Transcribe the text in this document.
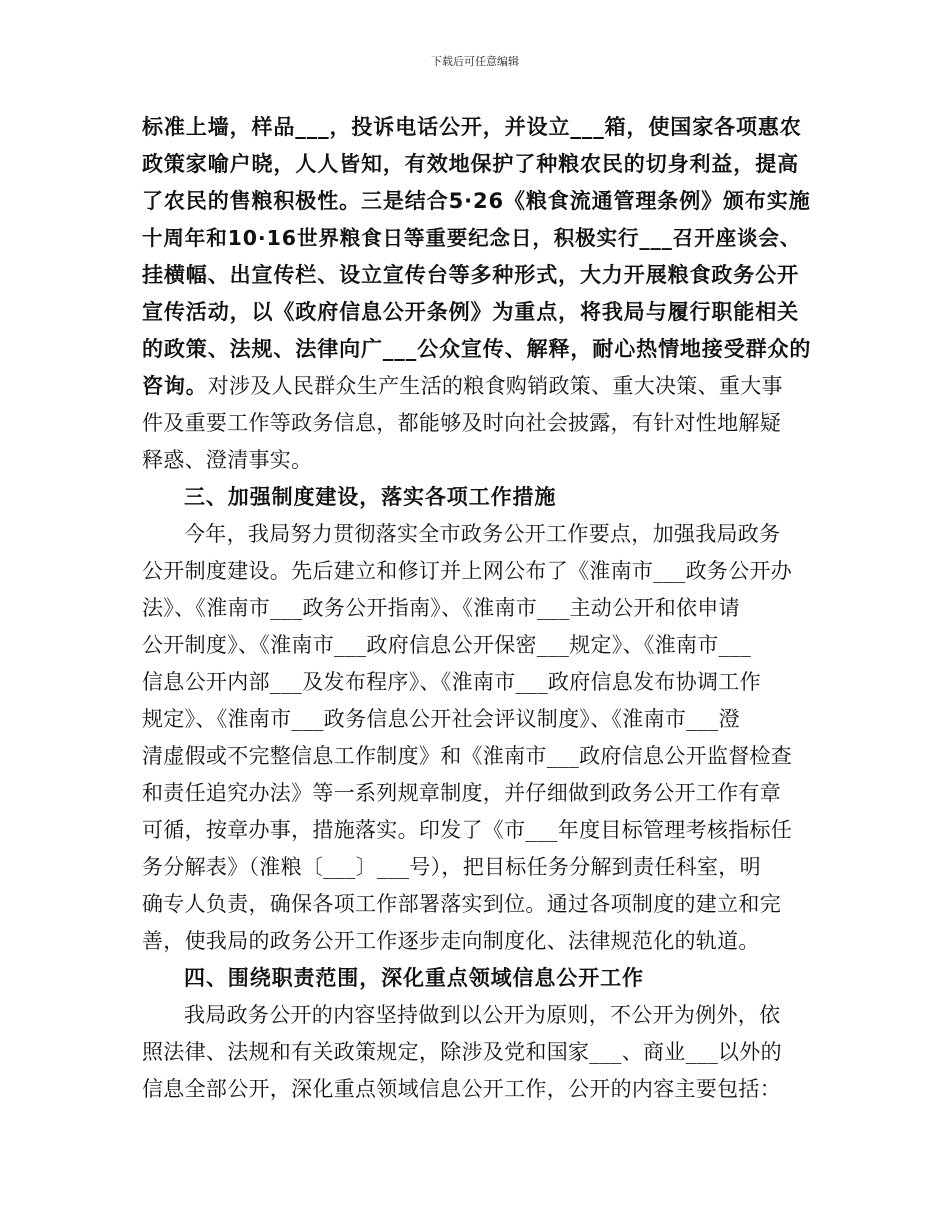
下载后可任意编辑
标准上墙，样品___，投诉电话公开，并设立___箱，使国家各项惠农
政策家喻户晓，人人皆知，有效地保护了种粮农民的切身利益，提高
了农民的售粮积极性。三是结合5·26《粮食流通管理条例》颁布实施
十周年和10·16世界粮食日等重要纪念日，积极实行___召开座谈会、
挂横幅、出宣传栏、设立宣传台等多种形式，大力开展粮食政务公开
宣传活动，以《政府信息公开条例》为重点，将我局与履行职能相关
的政策、法规、法律向广___公众宣传、解释，耐心热情地接受群众的
咨询。对涉及人民群众生产生活的粮食购销政策、重大决策、重大事
件及重要工作等政务信息，都能够及时向社会披露，有针对性地解疑
释惑、澄清事实。
三、加强制度建设，落实各项工作措施
今年，我局努力贯彻落实全市政务公开工作要点，加强我局政务
公开制度建设。先后建立和修订并上网公布了《淮南市___政务公开办
法》、《淮南市___政务公开指南》、《淮南市___主动公开和依申请
公开制度》、《淮南市___政府信息公开保密___规定》、《淮南市___
信息公开内部___及发布程序》、《淮南市___政府信息发布协调工作
规定》、《淮南市___政务信息公开社会评议制度》、《淮南市___澄
清虚假或不完整信息工作制度》和《淮南市___政府信息公开监督检查
和责任追究办法》等一系列规章制度，并仔细做到政务公开工作有章
可循，按章办事，措施落实。印发了《市___年度目标管理考核指标任
务分解表》（淮粮〔___〕___号），把目标任务分解到责任科室，明
确专人负责，确保各项工作部署落实到位。通过各项制度的建立和完
善，使我局的政务公开工作逐步走向制度化、法律规范化的轨道。
四、围绕职责范围，深化重点领域信息公开工作
我局政务公开的内容坚持做到以公开为原则，不公开为例外，依
照法律、法规和有关政策规定，除涉及党和国家___、商业___以外的
信息全部公开，深化重点领域信息公开工作，公开的内容主要包括：
